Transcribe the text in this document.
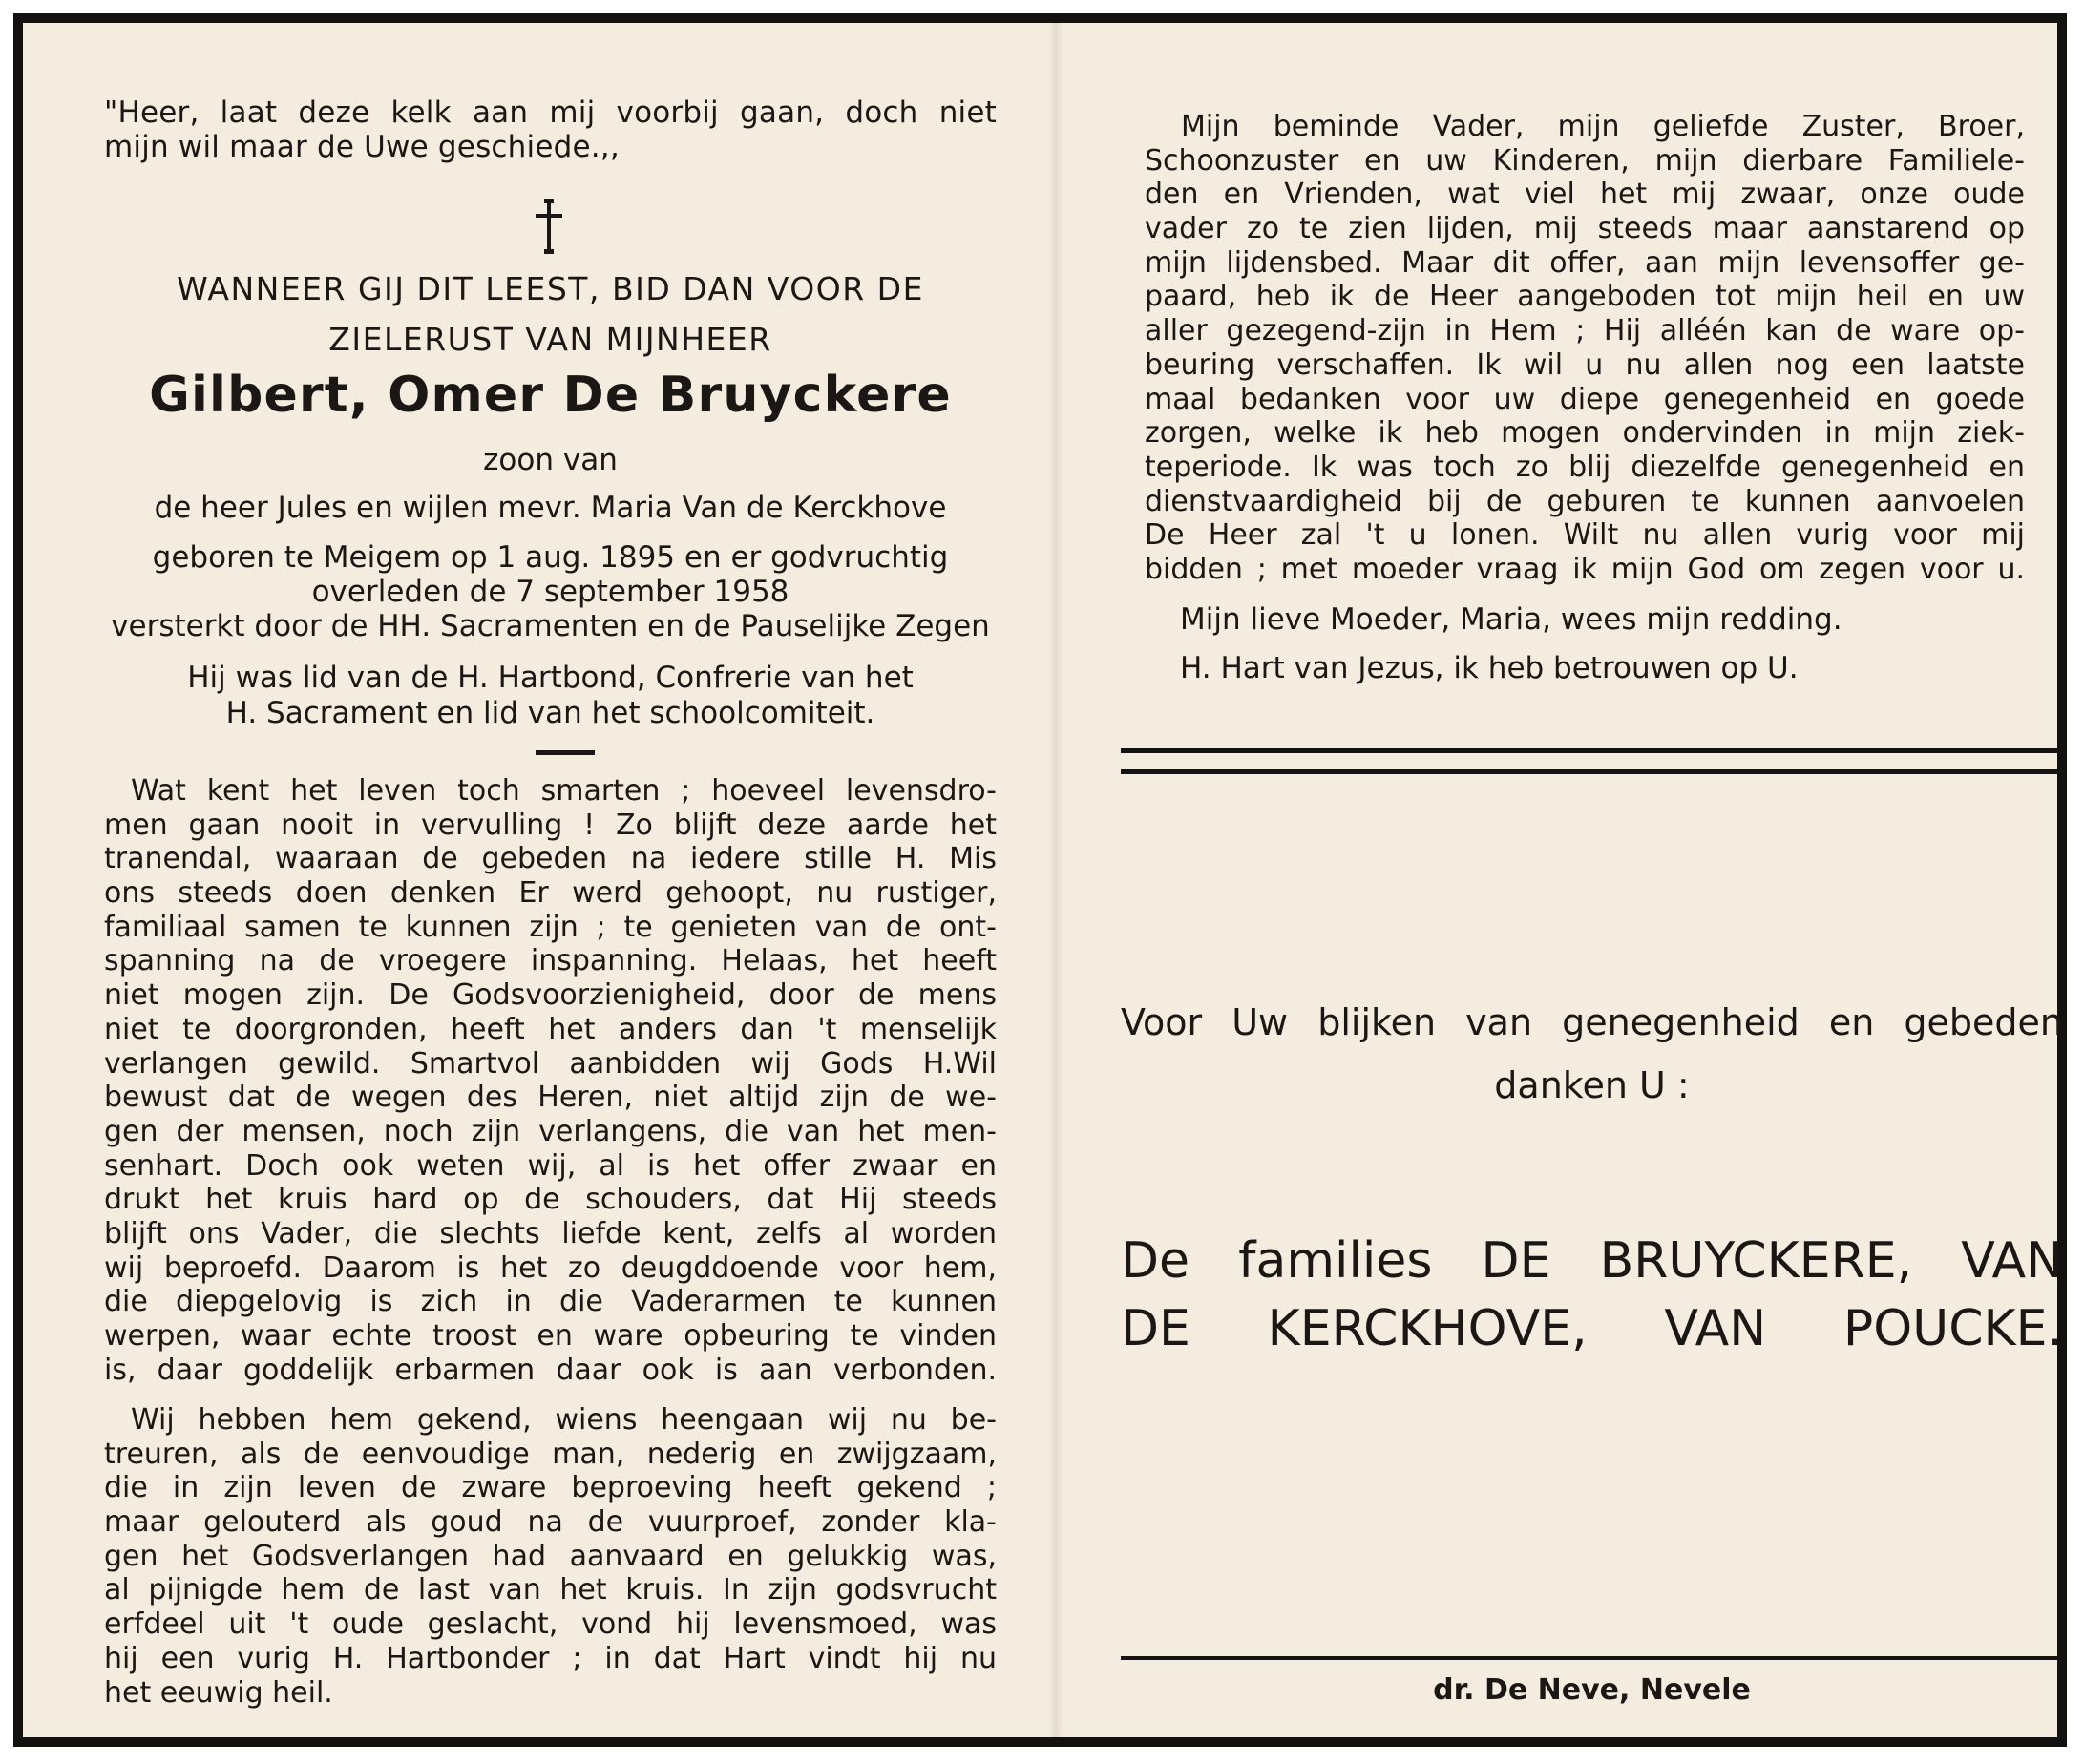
"Heer, laat deze kelk aan mij voorbij gaan, doch niet
mijn wil maar de Uwe geschiede.,,
WANNEER GIJ DIT LEEST, BID DAN VOOR DE
ZIELERUST VAN MIJNHEER
Gilbert, Omer De Bruyckere
zoon van
de heer Jules en wijlen mevr. Maria Van de Kerckhove
geboren te Meigem op 1 aug. 1895 en er godvruchtig
overleden de 7 september 1958
versterkt door de HH. Sacramenten en de Pauselijke Zegen
Hij was lid van de H. Hartbond, Confrerie van het
H. Sacrament en lid van het schoolcomiteit.
Wat kent het leven toch smarten ; hoeveel levensdro-
men gaan nooit in vervulling ! Zo blijft deze aarde het
tranendal, waaraan de gebeden na iedere stille H. Mis
ons steeds doen denken Er werd gehoopt, nu rustiger,
familiaal samen te kunnen zijn ; te genieten van de ont-
spanning na de vroegere inspanning. Helaas, het heeft
niet mogen zijn. De Godsvoorzienigheid, door de mens
niet te doorgronden, heeft het anders dan 't menselijk
verlangen gewild. Smartvol aanbidden wij Gods H.Wil
bewust dat de wegen des Heren, niet altijd zijn de we-
gen der mensen, noch zijn verlangens, die van het men-
senhart. Doch ook weten wij, al is het offer zwaar en
drukt het kruis hard op de schouders, dat Hij steeds
blijft ons Vader, die slechts liefde kent, zelfs al worden
wij beproefd. Daarom is het zo deugddoende voor hem,
die diepgelovig is zich in die Vaderarmen te kunnen
werpen, waar echte troost en ware opbeuring te vinden
is, daar goddelijk erbarmen daar ook is aan verbonden.
Wij hebben hem gekend, wiens heengaan wij nu be-
treuren, als de eenvoudige man, nederig en zwijgzaam,
die in zijn leven de zware beproeving heeft gekend ;
maar gelouterd als goud na de vuurproef, zonder kla-
gen het Godsverlangen had aanvaard en gelukkig was,
al pijnigde hem de last van het kruis. In zijn godsvrucht
erfdeel uit 't oude geslacht, vond hij levensmoed, was
hij een vurig H. Hartbonder ; in dat Hart vindt hij nu
het eeuwig heil.
Mijn beminde Vader, mijn geliefde Zuster, Broer,
Schoonzuster en uw Kinderen, mijn dierbare Familiele-
den en Vrienden, wat viel het mij zwaar, onze oude
vader zo te zien lijden, mij steeds maar aanstarend op
mijn lijdensbed. Maar dit offer, aan mijn levensoffer ge-
paard, heb ik de Heer aangeboden tot mijn heil en uw
aller gezegend-zijn in Hem ; Hij alléén kan de ware op-
beuring verschaffen. Ik wil u nu allen nog een laatste
maal bedanken voor uw diepe genegenheid en goede
zorgen, welke ik heb mogen ondervinden in mijn ziek-
teperiode. Ik was toch zo blij diezelfde genegenheid en
dienstvaardigheid bij de geburen te kunnen aanvoelen
De Heer zal 't u lonen. Wilt nu allen vurig voor mij
bidden ; met moeder vraag ik mijn God om zegen voor u.
Mijn lieve Moeder, Maria, wees mijn redding.
H. Hart van Jezus, ik heb betrouwen op U.
Voor Uw blijken van genegenheid en gebeden
danken U :
De families DE BRUYCKERE, VAN
DE KERCKHOVE, VAN POUCKE.
dr. De Neve, Nevele
